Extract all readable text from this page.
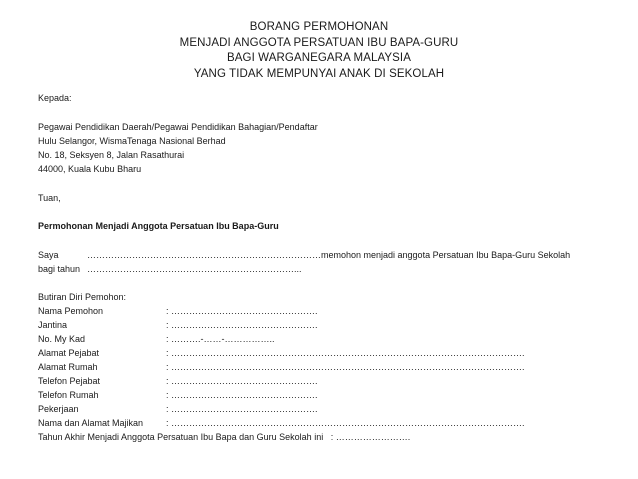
BORANG PERMOHONAN
MENJADI ANGGOTA PERSATUAN IBU BAPA-GURU
BAGI WARGANEGARA MALAYSIA
YANG TIDAK MEMPUNYAI ANAK DI SEKOLAH
Kepada:
Pegawai Pendidikan Daerah/Pegawai Pendidikan Bahagian/Pendaftar
Hulu Selangor, WismaTenaga Nasional Berhad
No. 18, Seksyen 8, Jalan Rasathurai
44000, Kuala Kubu Bharu
Tuan,
Permohonan Menjadi Anggota Persatuan Ibu Bapa-Guru
Saya	……………………………………………………………………memohon menjadi anggota Persatuan Ibu Bapa-Guru Sekolah
bagi tahun ……………………………………………………………...
Butiran Diri Pemohon:
Nama Pemohon	: ………………………………………….
Jantina	: ………………………………………….
No. My Kad	: ……….-……-……………..
Alamat Pejabat	: ……………………………………………………………………………………………………….
Alamat Rumah	: ……………………………………………………………………………………………………….
Telefon Pejabat	: ………………………………………….
Telefon Rumah	: ………………………………………….
Pekerjaan	: ………………………………………….
Nama dan Alamat Majikan	: ……………………………………………………………………………………………………….
Tahun Akhir Menjadi Anggota Persatuan Ibu Bapa dan Guru Sekolah ini : …………………….
